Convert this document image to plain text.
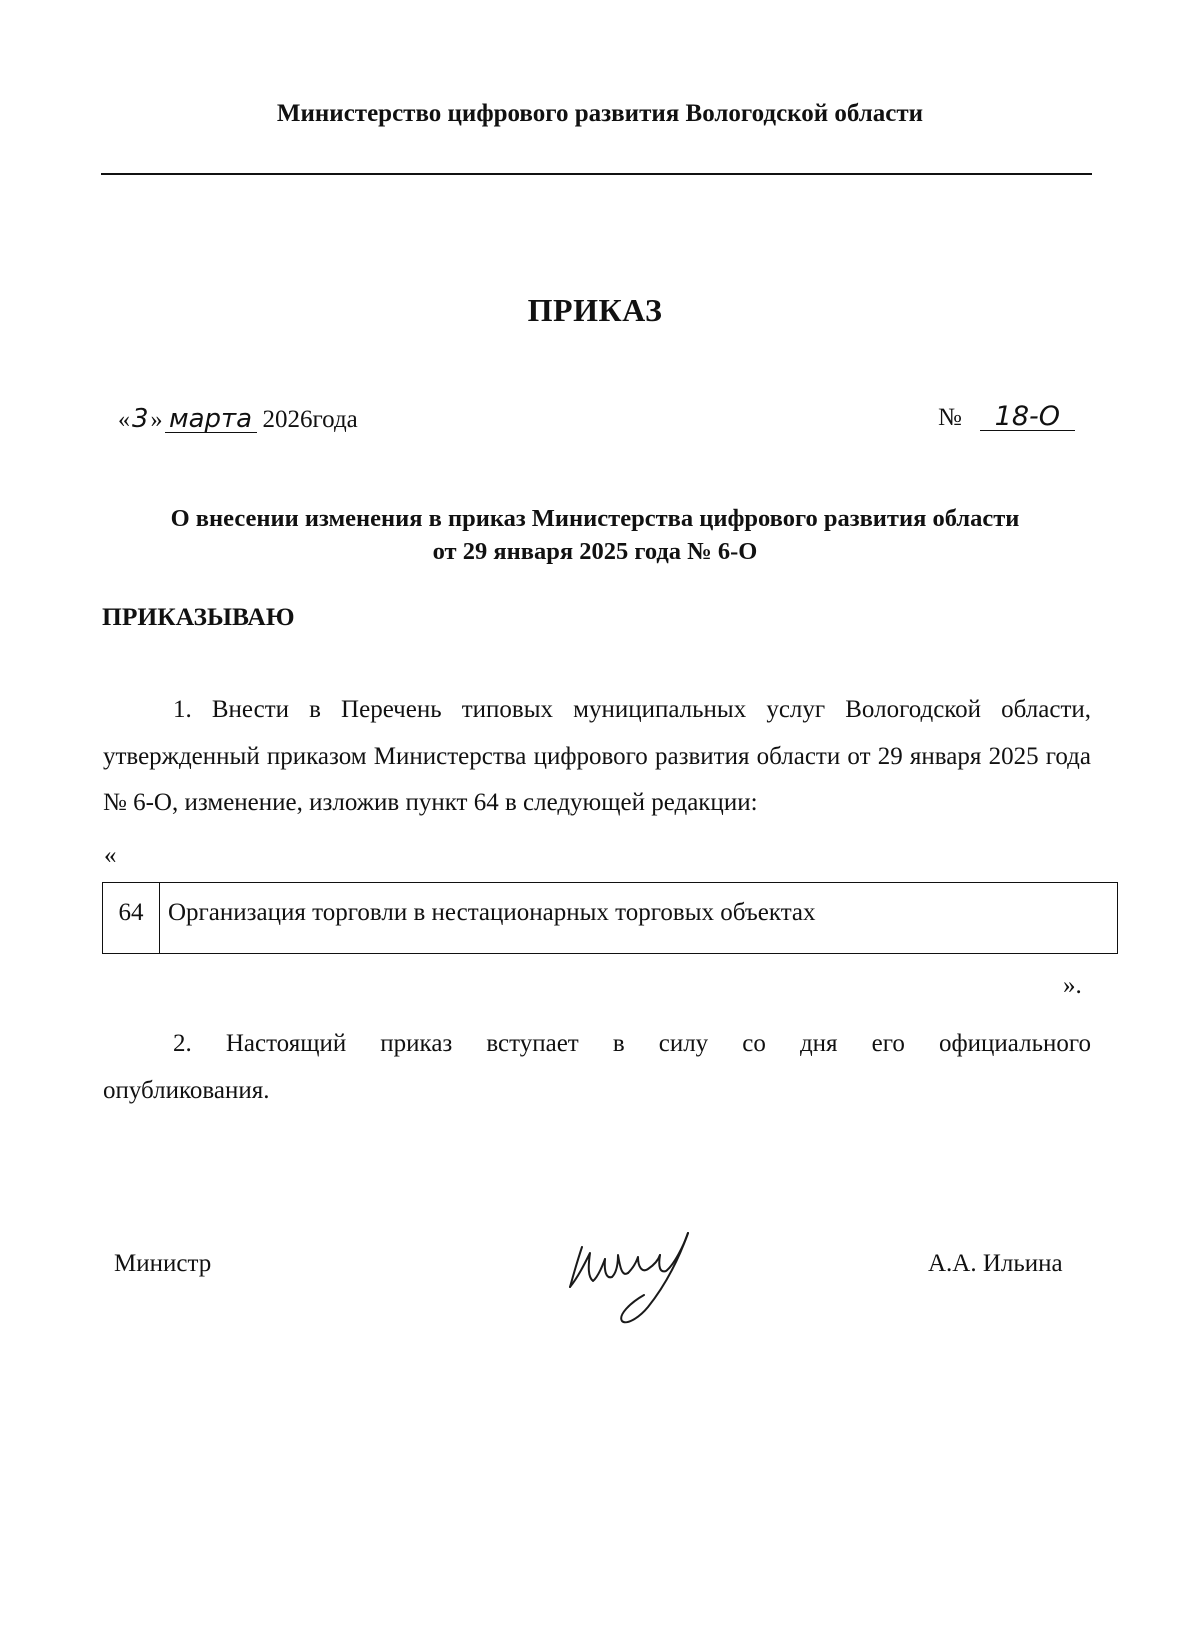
Министерство цифрового развития Вологодской области
ПРИКАЗ
«3» марта 2026года	№ 18-О
О внесении изменения в приказ Министерства цифрового развития области
от 29 января 2025 года № 6-О
ПРИКАЗЫВАЮ
1. Внести в Перечень типовых муниципальных услуг Вологодской области, утвержденный приказом Министерства цифрового развития области от 29 января 2025 года № 6-О, изменение, изложив пункт 64 в следующей редакции:
«
64 Организация торговли в нестационарных торговых объектах
».
2. Настоящий приказ вступает в силу со дня его официального
опубликования.
Министр	А.А. Ильина
